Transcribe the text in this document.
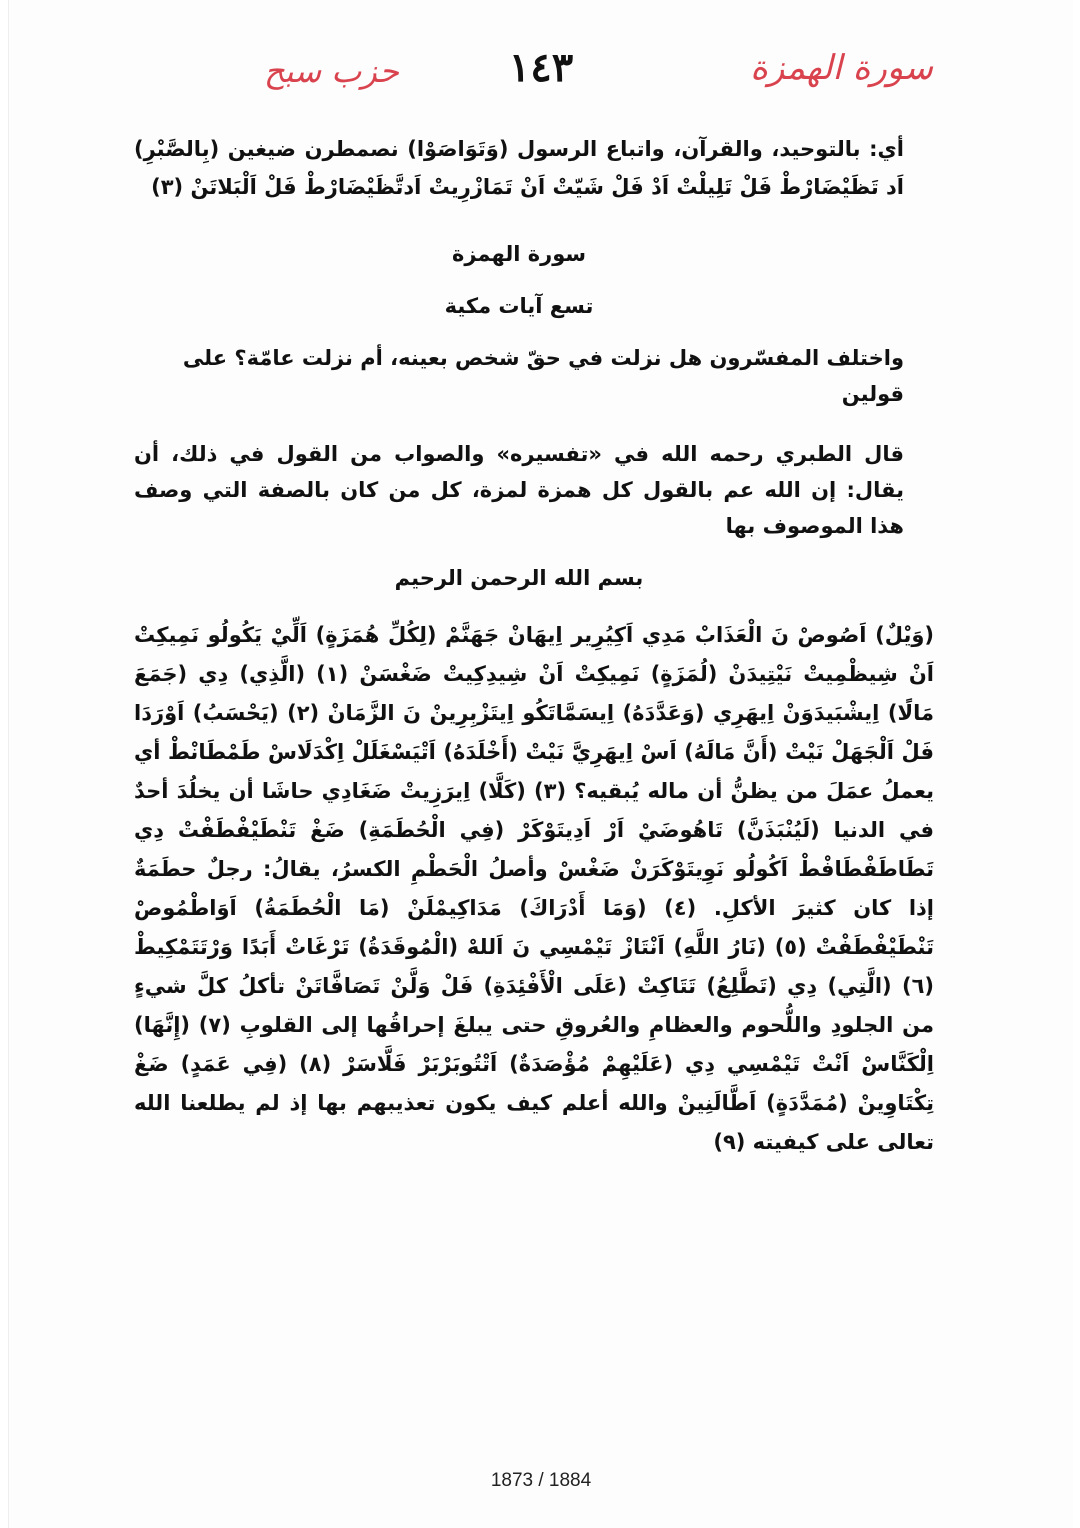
سورة الهمزة
١٤٣
حزب سبح

أي: بالتوحيد، والقرآن، واتباع الرسول (وَتَوَاصَوْا) نصمطرن ضيغين (بِالصَّبْرِ) اَد تَظَيْضَارْطْ فَلْ تَلِيلْتْ اَدْ فَلْ شَيّتْ اَنْ تَمَازْرِيتْ اَدتَّظَيْضَارْطْ فَلْ اَلْبَلاتَنْ (٣)

سورة الهمزة

تسع آيات مكية

واختلف المفسّرون هل نزلت في حقّ شخص بعينه، أم نزلت عامّة؟ على قولين

قال الطبري رحمه الله في «تفسيره» والصواب من القول في ذلك، أن يقال: إن الله عم بالقول كل همزة لمزة، كل من كان بالصفة التي وصف هذا الموصوف بها

بسم الله الرحمن الرحيم

(وَيْلٌ) اَصُوصْ نَ الْعَذَابْ مَدِي اَكِيُرِير اِيهَانْ جَهَنَّمْ (لِكُلِّ هُمَزَةٍ) اَلِّيْ يَكُولُو نَمِيكِتْ اَنْ شِيظْمِيتْ نَيْتِيدَنْ (لُمَزَةٍ) نَمِيكِتْ اَنْ شِيدِكِيتْ ضَغْسَنْ (١) (الَّذِي) دِي (جَمَعَ مَالًا) اِيشْبَيدَوَنْ اِيهَرِي (وَعَدَّدَهُ) اِيسَمَّاتَكُو اِيتَزْبِرِينْ نَ الزَّمَانْ (٢) (يَحْسَبُ) اَوْرَدَا فَلْ اَلْجَهَلْ نَيْتْ (أَنَّ مَالَهُ) اَسْ اِيهَرِيَّ نَيْتْ (أَخْلَدَهُ) اَتْيَسْغَلَلْ اِكْدَلَاسْ طَمْطَانْطْ أي يعملُ عمَلَ من يظنُّ أن ماله يُبقيه؟ (٣) (كَلَّا) اِيرَزِيتْ ضَغَادِي حاشَا أن يخلُدَ أحدٌ في الدنيا (لَيُنْبَذَنَّ) تَاهُوضَيْ اَرْ اَدِيتَوْكَرْ (فِي الْحُطَمَةِ) ضَغْ تَنْطَيْفْطَفْتْ دِي تَطَاطَفْطَافْطْ اَكُولُو نَوِيتَوْكَرَنْ ضَغْسْ وأصلُ الْحَطْمِ الكسرُ، يقالُ: رجلٌ حطَمَةٌ إذا كان كثيرَ الأكلِ. (٤) (وَمَا أَدْرَاكَ) مَدَاكِيمْلَنْ (مَا الْحُطَمَةُ) اَوَاطْمُوصْ تَنْطَيْفْطَفْتْ (٥) (نَارُ اللَّهِ) اَنْتَازْ تَيْمْسِي نَ اَللهْ (الْمُوقَدَةُ) تَرْغَاتْ أَبَدًا وَرْتَتَمْكِيطْ (٦) (الَّتِي) دِي (تَطَّلِعُ) تَتَاكِتْ (عَلَى الْأَفْئِدَةِ) فَلْ وَلَّنْ تَصَافَّاتَنْ تأكلُ كلَّ شيءٍ من الجلودِ واللُّحوم والعظامِ والعُروقِ حتى يبلغَ إحراقُها إلى القلوبِ (٧) (إِنَّهَا) اِلْكَنَّاسْ اَنْتْ تَيْمْسِي دِي (عَلَيْهِمْ مُؤْصَدَةٌ) اَتْتُوبَرْبَرْ فَلَّاسَرْ (٨) (فِي عَمَدٍ) ضَغْ تِكْتَاوِينْ (مُمَدَّدَةٍ) اَطَّالَنِينْ والله أعلم كيف يكون تعذيبهم بها إذ لم يطلعنا الله تعالى على كيفيته (٩)

1873 / 1884
